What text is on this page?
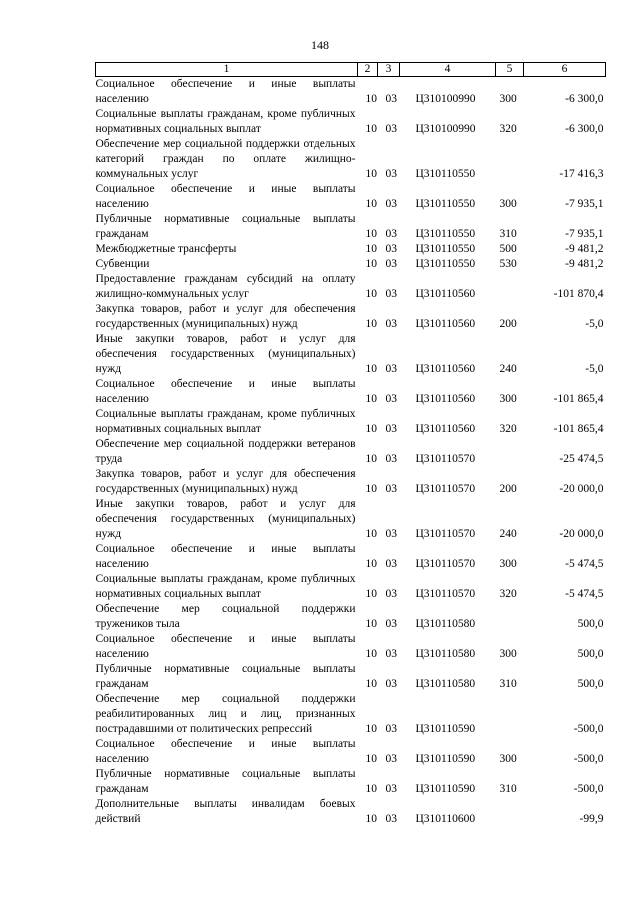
148
1	2	3	4	5	6
Социальное обеспечение и иные выплаты населению	10	03	Ц310100990	300	-6 300,0
Социальные выплаты гражданам, кроме публичных нормативных социальных выплат	10	03	Ц310100990	320	-6 300,0
Обеспечение мер социальной поддержки отдельных категорий граждан по оплате жилищно-коммунальных услуг	10	03	Ц310110550		-17 416,3
Социальное обеспечение и иные выплаты населению	10	03	Ц310110550	300	-7 935,1
Публичные нормативные социальные выплаты гражданам	10	03	Ц310110550	310	-7 935,1
Межбюджетные трансферты	10	03	Ц310110550	500	-9 481,2
Субвенции	10	03	Ц310110550	530	-9 481,2
Предоставление гражданам субсидий на оплату жилищно-коммунальных услуг	10	03	Ц310110560		-101 870,4
Закупка товаров, работ и услуг для обеспечения государственных (муниципальных) нужд	10	03	Ц310110560	200	-5,0
Иные закупки товаров, работ и услуг для обеспечения государственных (муниципальных) нужд	10	03	Ц310110560	240	-5,0
Социальное обеспечение и иные выплаты населению	10	03	Ц310110560	300	-101 865,4
Социальные выплаты гражданам, кроме публичных нормативных социальных выплат	10	03	Ц310110560	320	-101 865,4
Обеспечение мер социальной поддержки ветеранов труда	10	03	Ц310110570		-25 474,5
Закупка товаров, работ и услуг для обеспечения государственных (муниципальных) нужд	10	03	Ц310110570	200	-20 000,0
Иные закупки товаров, работ и услуг для обеспечения государственных (муниципальных) нужд	10	03	Ц310110570	240	-20 000,0
Социальное обеспечение и иные выплаты населению	10	03	Ц310110570	300	-5 474,5
Социальные выплаты гражданам, кроме публичных нормативных социальных выплат	10	03	Ц310110570	320	-5 474,5
Обеспечение мер социальной поддержки тружеников тыла	10	03	Ц310110580		500,0
Социальное обеспечение и иные выплаты населению	10	03	Ц310110580	300	500,0
Публичные нормативные социальные выплаты гражданам	10	03	Ц310110580	310	500,0
Обеспечение мер социальной поддержки реабилитированных лиц и лиц, признанных пострадавшими от политических репрессий	10	03	Ц310110590		-500,0
Социальное обеспечение и иные выплаты населению	10	03	Ц310110590	300	-500,0
Публичные нормативные социальные выплаты гражданам	10	03	Ц310110590	310	-500,0
Дополнительные выплаты инвалидам боевых действий	10	03	Ц310110600		-99,9
